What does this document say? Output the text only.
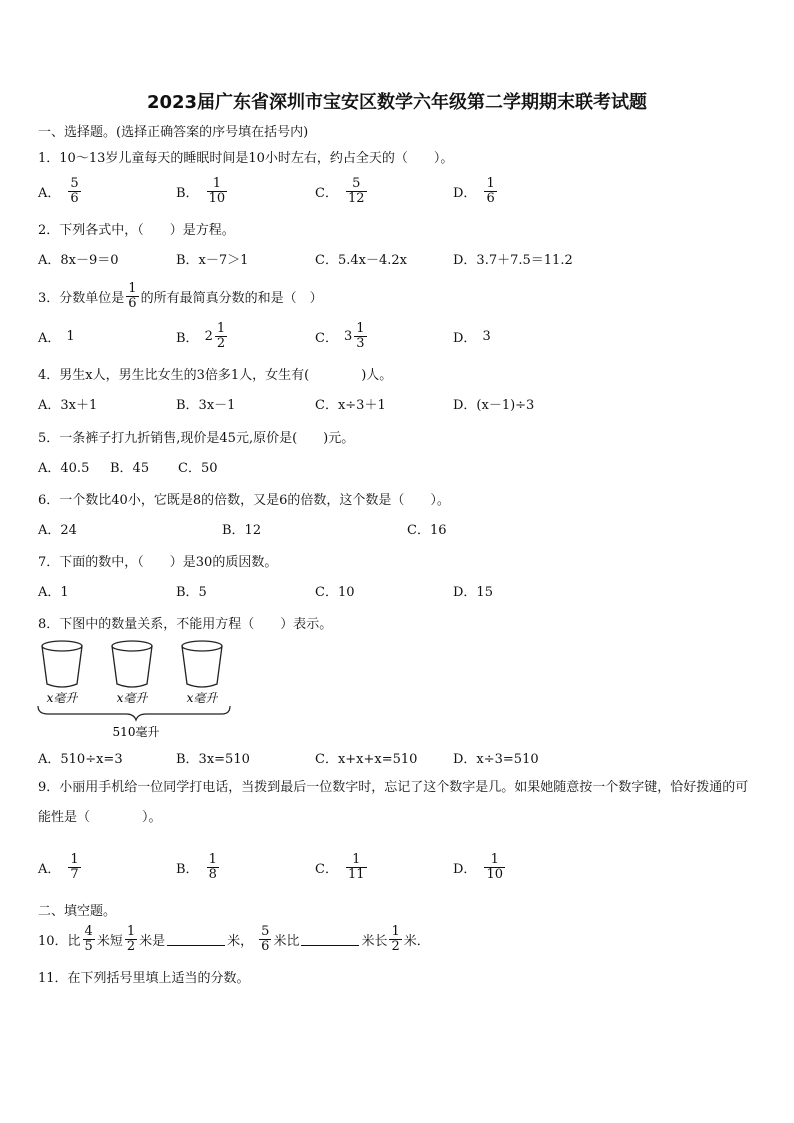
2023届广东省深圳市宝安区数学六年级第二学期期末联考试题
一、选择题。(选择正确答案的序号填在括号内)
1．10～13岁儿童每天的睡眠时间是10小时左右，约占全天的（　　）。
A． $\frac{5}{6}$	B． $\frac{1}{10}$	C． $\frac{5}{12}$	D． $\frac{1}{6}$
2．下列各式中，（　　）是方程。
A．8x－9＝0	B．x－7＞1	C．5.4x－4.2x	D．3.7＋7.5＝11.2
3．分数单位是 $\frac{1}{6}$ 的所有最简真分数的和是（　）
A． 1	B． $2 \frac{1}{2}$	C． $3 \frac{1}{3}$	D． 3
4．男生x人，男生比女生的3倍多1人，女生有(　　　　)人。
A．3x＋1	B．3x－1	C．x÷3＋1	D．(x－1)÷3
5．一条裤子打九折销售,现价是45元,原价是(　　)元。
A．40.5 B．45 C．50
6．一个数比40小，它既是8的倍数，又是6的倍数，这个数是（　　）。
A．24	B．12	C．16
7．下面的数中，（　　）是30的质因数。
A．1	B．5	C．10	D．15
8．下图中的数量关系，不能用方程（　　）表示。
x毫升	x毫升	x毫升
510毫升
A．510÷x=3	B．3x=510	C．x+x+x=510	D．x÷3=510
9．小丽用手机给一位同学打电话，当拨到最后一位数字时，忘记了这个数字是几。如果她随意按一个数字键，恰好拨通的可能性是（　　　　）。
A． $\frac{1}{7}$	B． $\frac{1}{8}$	C． $\frac{1}{11}$	D． $\frac{1}{10}$
二、填空题。
10．比 $\frac{4}{5}$ 米短 $\frac{1}{2}$ 米是	米， $\frac{5}{6}$ 米比	米长 $\frac{1}{2}$ 米．
11．在下列括号里填上适当的分数。
